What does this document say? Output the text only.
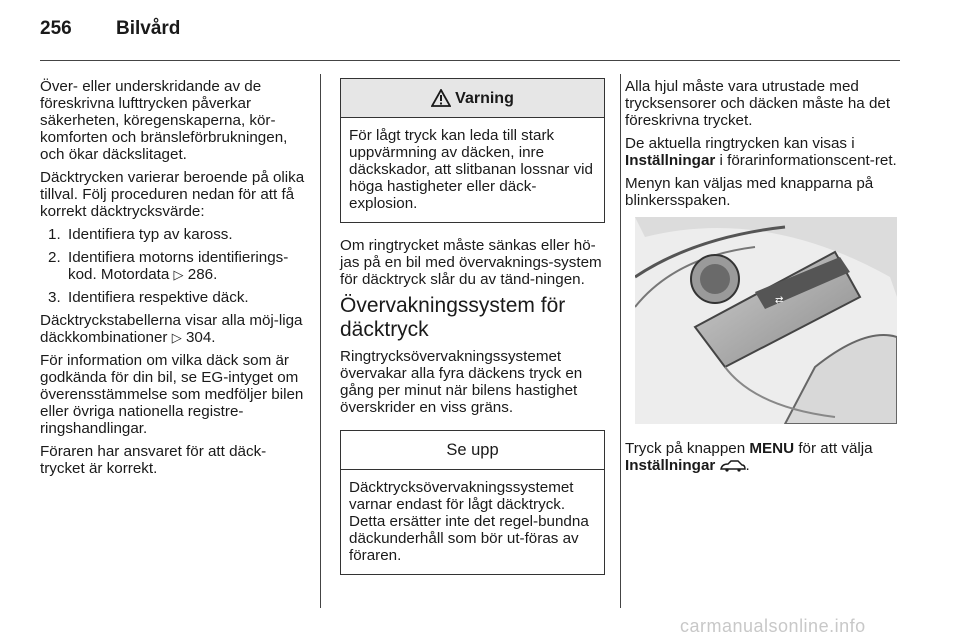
256 Bilvård

Över- eller underskridande av de föreskrivna lufttrycken påverkar säkerheten, köregenskaperna, kör-komforten och bränsleförbrukningen, och ökar däckslitaget.

Däcktrycken varierar beroende på olika tillval. Följ proceduren nedan för att få korrekt däcktrycksvärde:

1. Identifiera typ av kaross.
2. Identifiera motorns identifierings-kod. Motordata ▷ 286.
3. Identifiera respektive däck.

Däcktryckstabellerna visar alla möj-liga däckkombinationer ▷ 304.

För information om vilka däck som är godkända för din bil, se EG-intyget om överensstämmelse som medföljer bilen eller övriga nationella registre-ringshandlingar.

Föraren har ansvaret för att däck-trycket är korrekt.

Varning
För lågt tryck kan leda till stark uppvärmning av däcken, inre däckskador, att slitbanan lossnar vid höga hastigheter eller däck-explosion.

Om ringtrycket måste sänkas eller hö-jas på en bil med övervaknings-system för däcktryck slår du av tänd-ningen.

Övervakningssystem för däcktryck

Ringtrycksövervakningssystemet övervakar alla fyra däckens tryck en gång per minut när bilens hastighet överskrider en viss gräns.

Se upp
Däcktrycksövervakningssystemet varnar endast för lågt däcktryck. Detta ersätter inte det regel-bundna däckunderhåll som bör ut-föras av föraren.

Alla hjul måste vara utrustade med trycksensorer och däcken måste ha det föreskrivna trycket.

De aktuella ringtrycken kan visas i Inställningar i förarinformationscent-ret.

Menyn kan väljas med knapparna på blinkersspaken.

⇄

Tryck på knappen MENU för att välja Inställningar .

carmanualsonline.info
